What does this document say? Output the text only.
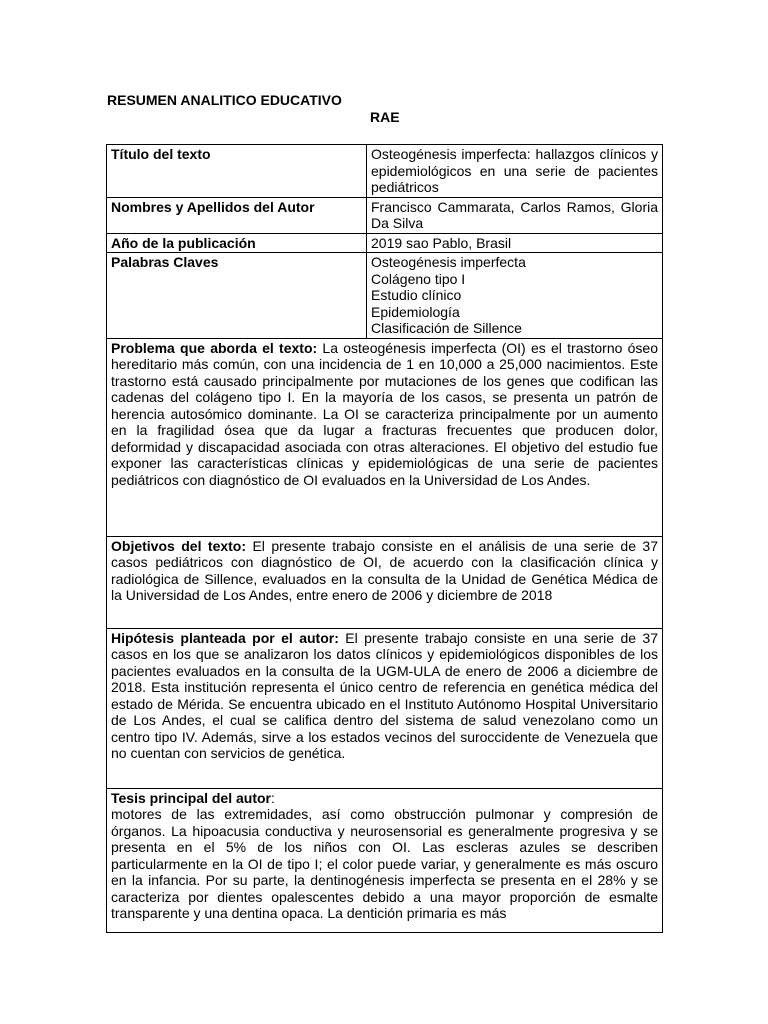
RESUMEN ANALITICO EDUCATIVO

RAE

Título del texto	Osteogénesis imperfecta: hallazgos clínicos y epidemiológicos en una serie de pacientes pediátricos
Nombres y Apellidos del Autor	Francisco Cammarata, Carlos Ramos, Gloria Da Silva
Año de la publicación	2019 sao Pablo, Brasil
Palabras Claves	Osteogénesis imperfecta
Colágeno tipo I
Estudio clínico
Epidemiología
Clasificación de Sillence

Problema que aborda el texto: La osteogénesis imperfecta (OI) es el trastorno óseo hereditario más común, con una incidencia de 1 en 10,000 a 25,000 nacimientos. Este trastorno está causado principalmente por mutaciones de los genes que codifican las cadenas del colágeno tipo I. En la mayoría de los casos, se presenta un patrón de herencia autosómico dominante. La OI se caracteriza principalmente por un aumento en la fragilidad ósea que da lugar a fracturas frecuentes que producen dolor, deformidad y discapacidad asociada con otras alteraciones. El objetivo del estudio fue exponer las características clínicas y epidemiológicas de una serie de pacientes pediátricos con diagnóstico de OI evaluados en la Universidad de Los Andes.	
Objetivos del texto: El presente trabajo consiste en el análisis de una serie de 37 casos pediátricos con diagnóstico de OI, de acuerdo con la clasificación clínica y radiológica de Sillence, evaluados en la consulta de la Unidad de Genética Médica de la Universidad de Los Andes, entre enero de 2006 y diciembre de 2018	
Hipótesis planteada por el autor: El presente trabajo consiste en una serie de 37 casos en los que se analizaron los datos clínicos y epidemiológicos disponibles de los pacientes evaluados en la consulta de la UGM-ULA de enero de 2006 a diciembre de 2018. Esta institución representa el único centro de referencia en genética médica del estado de Mérida. Se encuentra ubicado en el Instituto Autónomo Hospital Universitario de Los Andes, el cual se califica dentro del sistema de salud venezolano como un centro tipo IV. Además, sirve a los estados vecinos del suroccidente de Venezuela que no cuentan con servicios de genética.	
Tesis principal del autor:
motores de las extremidades, así como obstrucción pulmonar y compresión de órganos. La hipoacusia conductiva y neurosensorial es generalmente progresiva y se presenta en el 5% de los niños con OI. Las escleras azules se describen particularmente en la OI de tipo I; el color puede variar, y generalmente es más oscuro en la infancia. Por su parte, la dentinogénesis imperfecta se presenta en el 28% y se caracteriza por dientes opalescentes debido a una mayor proporción de esmalte transparente y una dentina opaca. La dentición primaria es más	
